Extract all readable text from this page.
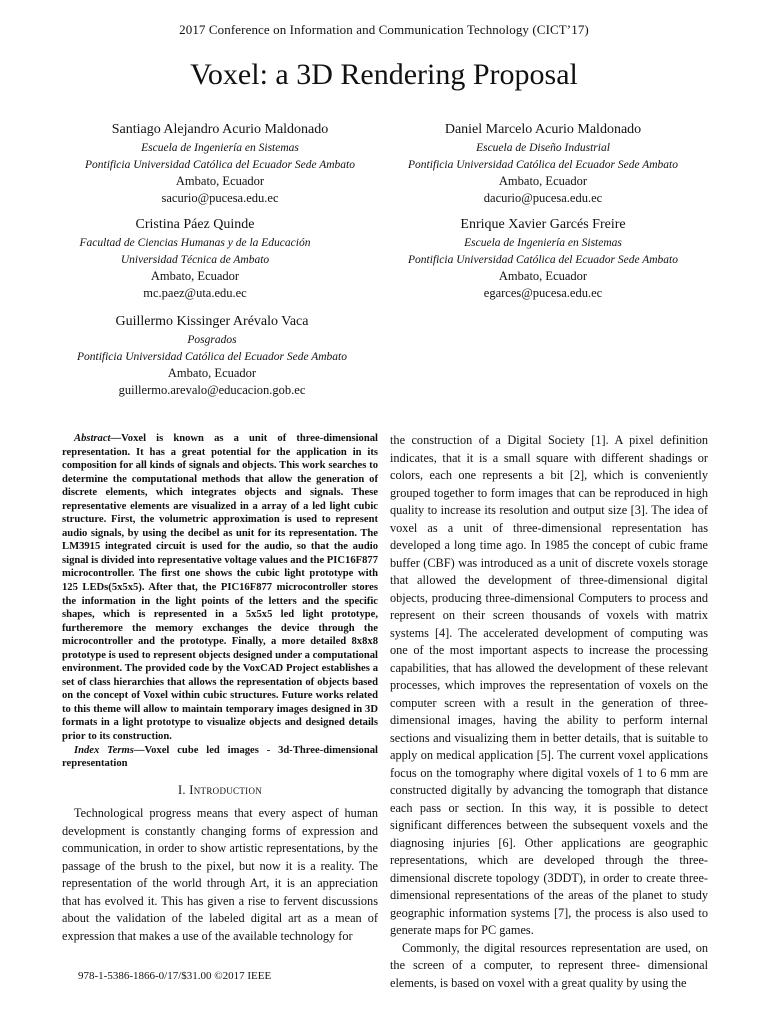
2017 Conference on Information and Communication Technology (CICT’17)
Voxel: a 3D Rendering Proposal
Santiago Alejandro Acurio Maldonado
Escuela de Ingeniería en Sistemas
Pontificia Universidad Católica del Ecuador Sede Ambato
Ambato, Ecuador
sacurio@pucesa.edu.ec
Daniel Marcelo Acurio Maldonado
Escuela de Diseño Industrial
Pontificia Universidad Católica del Ecuador Sede Ambato
Ambato, Ecuador
dacurio@pucesa.edu.ec
Cristina Páez Quinde
Facultad de Ciencias Humanas y de la Educación
Universidad Técnica de Ambato
Ambato, Ecuador
mc.paez@uta.edu.ec
Enrique Xavier Garcés Freire
Escuela de Ingeniería en Sistemas
Pontificia Universidad Católica del Ecuador Sede Ambato
Ambato, Ecuador
egarces@pucesa.edu.ec
Guillermo Kissinger Arévalo Vaca
Posgrados
Pontificia Universidad Católica del Ecuador Sede Ambato
Ambato, Ecuador
guillermo.arevalo@educacion.gob.ec

Abstract—Voxel is known as a unit of three-dimensional representation. It has a great potential for the application in its composition for all kinds of signals and objects. This work searches to determine the computational methods that allow the generation of discrete elements, which integrates objects and signals. These representative elements are visualized in a array of a led light cubic structure. First, the volumetric approximation is used to represent audio signals, by using the decibel as unit for its representation. The LM3915 integrated circuit is used for the audio, so that the audio signal is divided into representative voltage values and the PIC16F877 microcontroller. The first one shows the cubic light prototype with 125 LEDs(5x5x5). After that, the PIC16F877 microcontroller stores the information in the light points of the letters and the specific shapes, which is represented in a 5x5x5 led light prototype, furtheremore the memory exchanges the device through the microcontroller and the prototype. Finally, a more detailed 8x8x8 prototype is used to represent objects designed under a computational environment. The provided code by the VoxCAD Project establishes a set of class hierarchies that allows the representation of objects based on the concept of Voxel within cubic structures. Future works related to this theme will allow to maintain temporary images designed in 3D formats in a light prototype to visualize objects and designed details prior to its construction.

Index Terms—Voxel cube led images - 3d-Three-dimensional representation

I. Introduction

Technological progress means that every aspect of human development is constantly changing forms of expression and communication, in order to show artistic representations, by the passage of the brush to the pixel, but now it is a reality. The representation of the world through Art, it is an appreciation that has evolved it. This has given a rise to fervent discussions about the validation of the labeled digital art as a mean of expression that makes a use of the available technology for

the construction of a Digital Society [1]. A pixel definition indicates, that it is a small square with different shadings or colors, each one represents a bit [2], which is conveniently grouped together to form images that can be reproduced in high quality to increase its resolution and output size [3]. The idea of voxel as a unit of three-dimensional representation has developed a long time ago. In 1985 the concept of cubic frame buffer (CBF) was introduced as a unit of discrete voxels storage that allowed the development of three-dimensional digital objects, producing three-dimensional Computers to process and represent on their screen thousands of voxels with matrix systems [4]. The accelerated development of computing was one of the most important aspects to increase the processing capabilities, that has allowed the development of these relevant processes, which improves the representation of voxels on the computer screen with a result in the generation of three-dimensional images, having the ability to perform internal sections and visualizing them in better details, that is suitable to apply on medical application [5]. The current voxel applications focus on the tomography where digital voxels of 1 to 6 mm are constructed digitally by advancing the tomograph that distance each pass or section. In this way, it is possible to detect significant differences between the subsequent voxels and the diagnosing injuries [6]. Other applications are geographic representations, which are developed through the three-dimensional discrete topology (3DDT), in order to create three-dimensional representations of the areas of the planet to study geographic information systems [7], the process is also used to generate maps for PC games.

Commonly, the digital resources representation are used, on the screen of a computer, to represent three- dimensional elements, is based on voxel with a great quality by using the

978-1-5386-1866-0/17/$31.00 ©2017 IEEE
